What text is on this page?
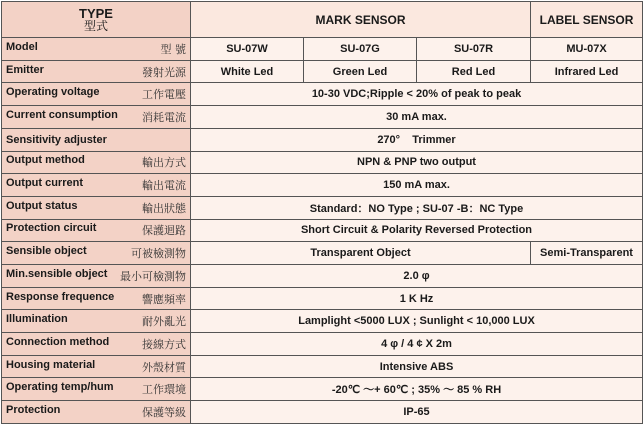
TYPE
型式	MARK SENSOR			LABEL SENSOR

Model 型 號	SU-07W	SU-07G	SU-07R	MU-07X

Emitter 發射光源	White Led	Green Led	Red Led	Infrared Led

Operating voltage 工作電壓	10-30 VDC;Ripple < 20% of peak to peak			

Current consumption 消耗電流	30 mA max.			

Sensitivity adjuster	270°    Trimmer			

Output method 輸出方式	NPN & PNP two output			

Output current 輸出電流	150 mA max.			

Output status 輸出狀態	Standard：NO Type ; SU-07 -B：NC Type			

Protection circuit 保護迴路	Short Circuit & Polarity Reversed Protection			

Sensible object 可被檢測物	Transparent Object			Semi-Transparent

Min.sensible object 最小可檢測物	2.0 φ			

Response frequence 響應頻率	1 K Hz			

Illumination 耐外亂光	Lamplight <5000 LUX ; Sunlight < 10,000 LUX			

Connection method 接線方式	4 φ / 4 ¢ X 2m			

Housing material 外殼材質	Intensive ABS			

Operating temp/hum 工作環境	-20℃ ～+ 60℃ ; 35% ～ 85 % RH			

Protection 保護等級	IP-65			
